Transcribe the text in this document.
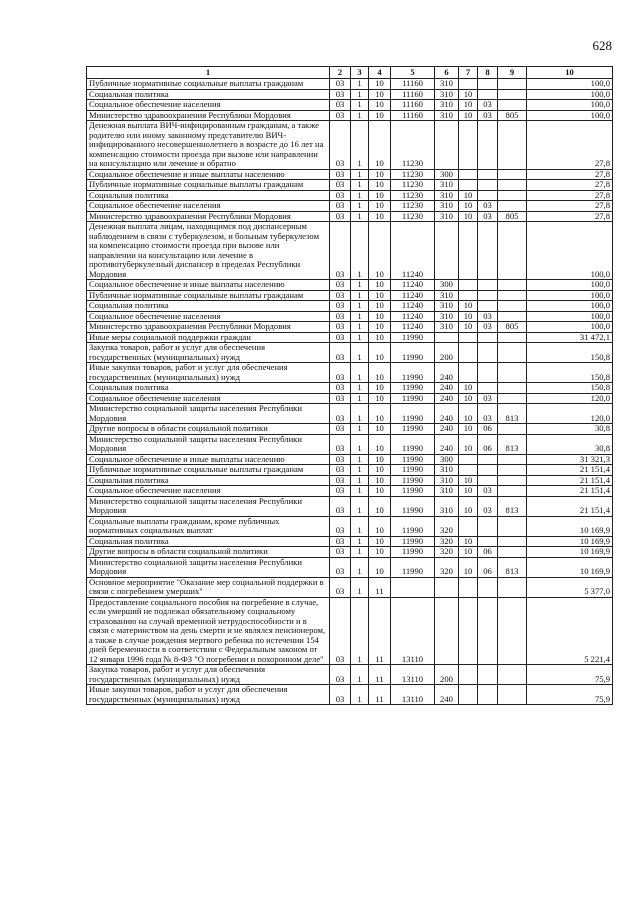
628
1	2	3	4	5	6	7	8	9	10
Публичные нормативные социальные выплаты гражданам	03	1	10	11160	310				100,0
Социальная политика	03	1	10	11160	310	10			100,0
Социальное обеспечение населения	03	1	10	11160	310	10	03		100,0
Министерство здравоохранения Республики Мордовия	03	1	10	11160	310	10	03	805	100,0
Денежная выплата ВИЧ-инфицированным гражданам, а также родителю или иному законному представителю ВИЧ-инфицированного несовершеннолетнего в возрасте до 16 лет на компенсацию стоимости проезда при вызове или направлении на консультацию или лечение и обратно	03	1	10	11230					27,8
Социальное обеспечение и иные выплаты населению	03	1	10	11230	300				27,8
Публичные нормативные социальные выплаты гражданам	03	1	10	11230	310				27,8
Социальная политика	03	1	10	11230	310	10			27,8
Социальное обеспечение населения	03	1	10	11230	310	10	03		27,8
Министерство здравоохранения Республики Мордовия	03	1	10	11230	310	10	03	805	27,8
Денежная выплата лицам, находящимся под диспансерным наблюдением в связи с туберкулезом, и больным туберкулезом на компенсацию стоимости проезда при вызове или направлении на консультацию или лечение в противотуберкулезный диспансер в пределах Республики Мордовия	03	1	10	11240					100,0
Социальное обеспечение и иные выплаты населению	03	1	10	11240	300				100,0
Публичные нормативные социальные выплаты гражданам	03	1	10	11240	310				100,0
Социальная политика	03	1	10	11240	310	10			100,0
Социальное обеспечение населения	03	1	10	11240	310	10	03		100,0
Министерство здравоохранения Республики Мордовия	03	1	10	11240	310	10	03	805	100,0
Иные меры социальной поддержки граждан	03	1	10	11990					31 472,1
Закупка товаров, работ и услуг для обеспечения государственных (муниципальных) нужд	03	1	10	11990	200				150,8
Иные закупки товаров, работ и услуг для обеспечения государственных (муниципальных) нужд	03	1	10	11990	240				150,8
Социальная политика	03	1	10	11990	240	10			150,8
Социальное обеспечение населения	03	1	10	11990	240	10	03		120,0
Министерство социальной защиты населения Республики Мордовия	03	1	10	11990	240	10	03	813	120,0
Другие вопросы в области социальной политики	03	1	10	11990	240	10	06		30,8
Министерство социальной защиты населения Республики Мордовия	03	1	10	11990	240	10	06	813	30,8
Социальное обеспечение и иные выплаты населению	03	1	10	11990	300				31 321,3
Публичные нормативные социальные выплаты гражданам	03	1	10	11990	310				21 151,4
Социальная политика	03	1	10	11990	310	10			21 151,4
Социальное обеспечение населения	03	1	10	11990	310	10	03		21 151,4
Министерство социальной защиты населения Республики Мордовия	03	1	10	11990	310	10	03	813	21 151,4
Социальные выплаты гражданам, кроме публичных нормативных социальных выплат	03	1	10	11990	320				10 169,9
Социальная политика	03	1	10	11990	320	10			10 169,9
Другие вопросы в области социальной политики	03	1	10	11990	320	10	06		10 169,9
Министерство социальной защиты населения Республики Мордовия	03	1	10	11990	320	10	06	813	10 169,9
Основное мероприятие "Оказание мер социальной поддержки в связи с погребением умерших"	03	1	11						5 377,0
Предоставление социального пособия на погребение в случае, если умерший не подлежал обязательному социальному страхованию на случай временной нетрудоспособности и в связи с материнством на день смерти и не являлся пенсионером, а также в случае рождения мертвого ребенка по истечении 154 дней беременности в соответствии с Федеральным законом от 12 января 1996 года № 8-ФЗ "О погребении и похоронном деле"	03	1	11	13110					5 221,4
Закупка товаров, работ и услуг для обеспечения государственных (муниципальных) нужд	03	1	11	13110	200				75,9
Иные закупки товаров, работ и услуг для обеспечения государственных (муниципальных) нужд	03	1	11	13110	240				75,9
